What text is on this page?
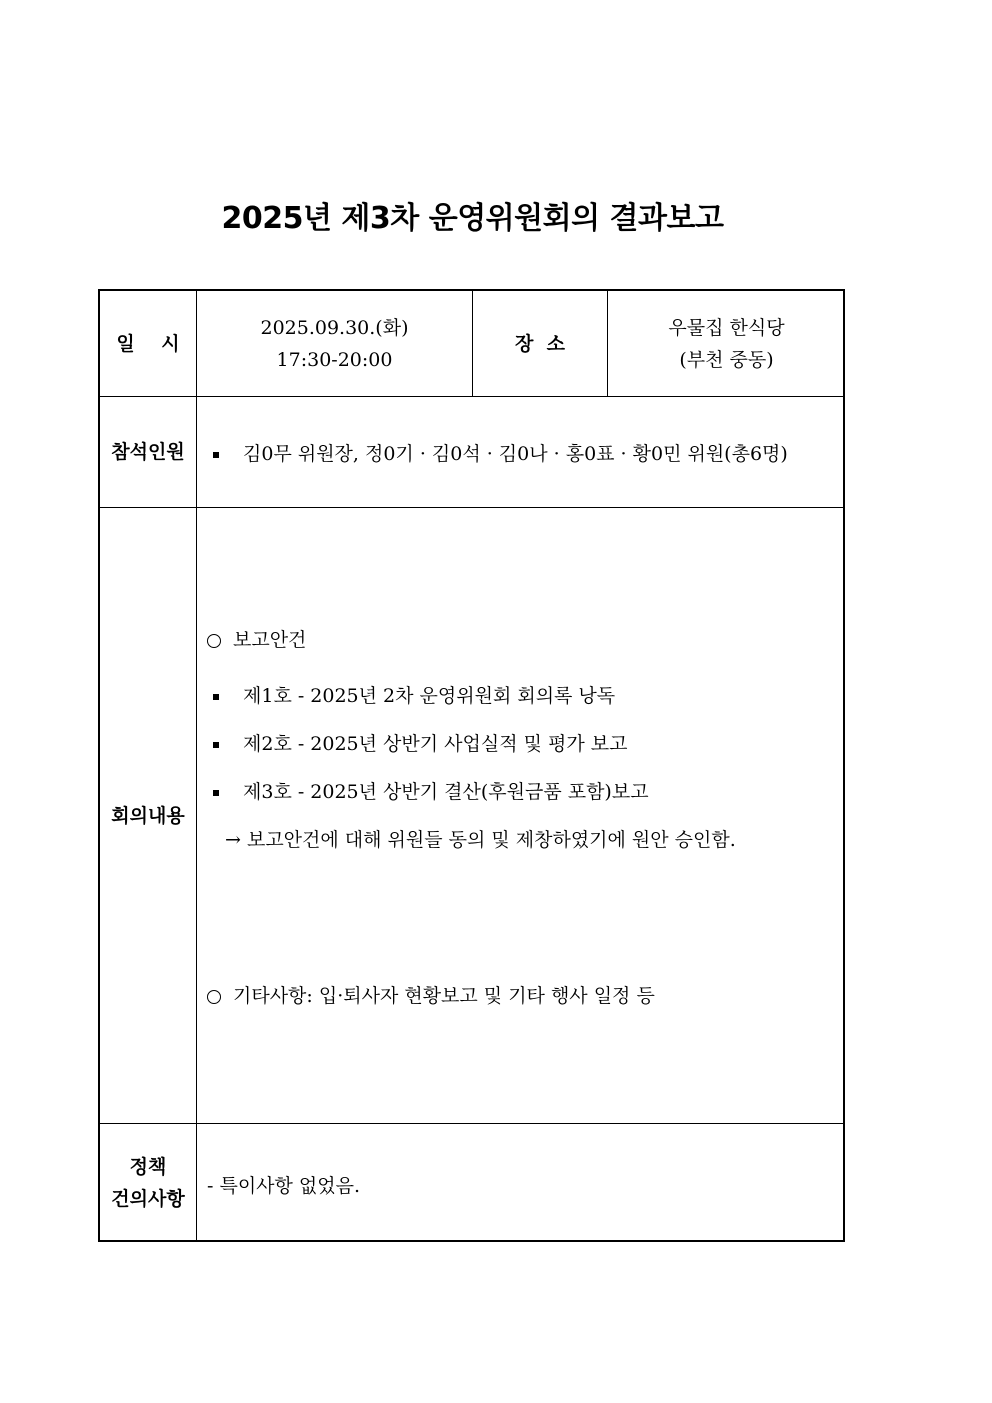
2025년 제3차 운영위원회의 결과보고
일    시
2025.09.30.(화)
17:30-20:00
장  소
우물집 한식당
(부천 중동)
참석인원	김0무 위원장, 정0기 · 김0석 · 김0나 · 홍0표 · 황0민 위원(총6명)
회의내용
보고안건
제1호 - 2025년 2차 운영위원회 회의록 낭독
제2호 - 2025년 상반기 사업실적 및 평가 보고
제3호 - 2025년 상반기 결산(후원금품 포함)보고
→ 보고안건에 대해 위원들 동의 및 제창하였기에 원안 승인함.
기타사항: 입·퇴사자 현황보고 및 기타 행사 일정 등
정책
건의사항
- 특이사항 없었음.
